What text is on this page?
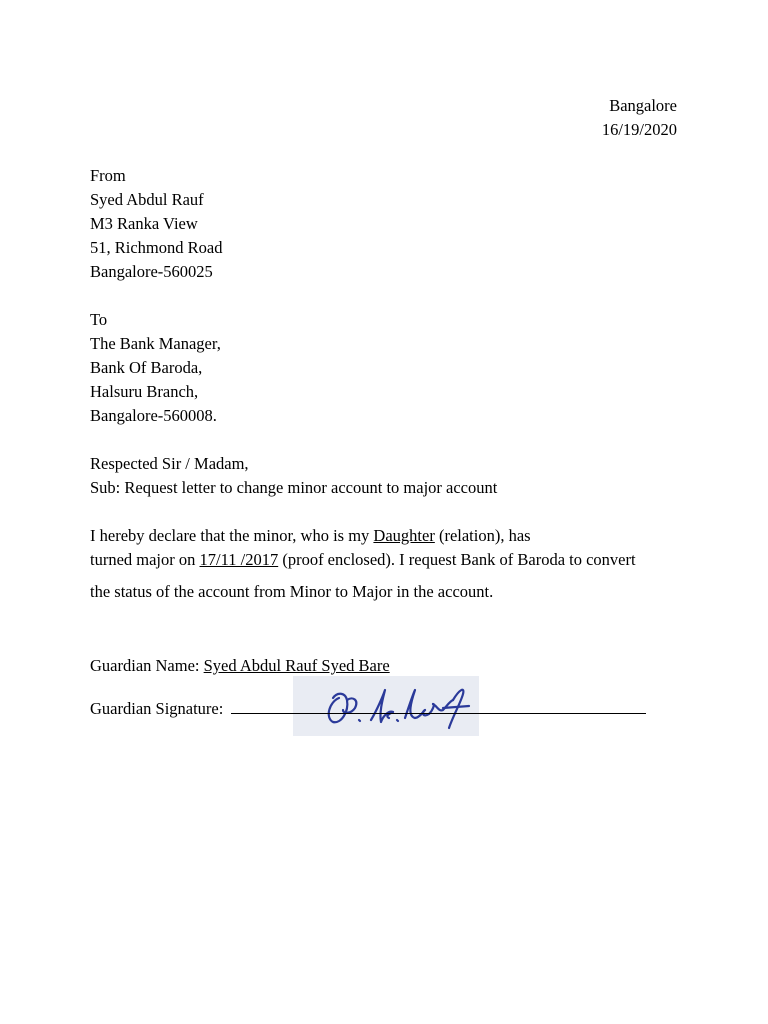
Bangalore
16/19/2020
From
Syed Abdul Rauf
M3 Ranka View
51, Richmond Road
Bangalore-560025
To
The Bank Manager,
Bank Of Baroda,
Halsuru Branch,
Bangalore-560008.
Respected Sir / Madam,
Sub: Request letter to change minor account to major account
I hereby declare that the minor, who is my Daughter (relation), has
turned major on 17/11 /2017 (proof enclosed). I request Bank of Baroda to convert
the status of the account from Minor to Major in the account.
Guardian Name: Syed Abdul Rauf Syed Bare
Guardian Signature:
